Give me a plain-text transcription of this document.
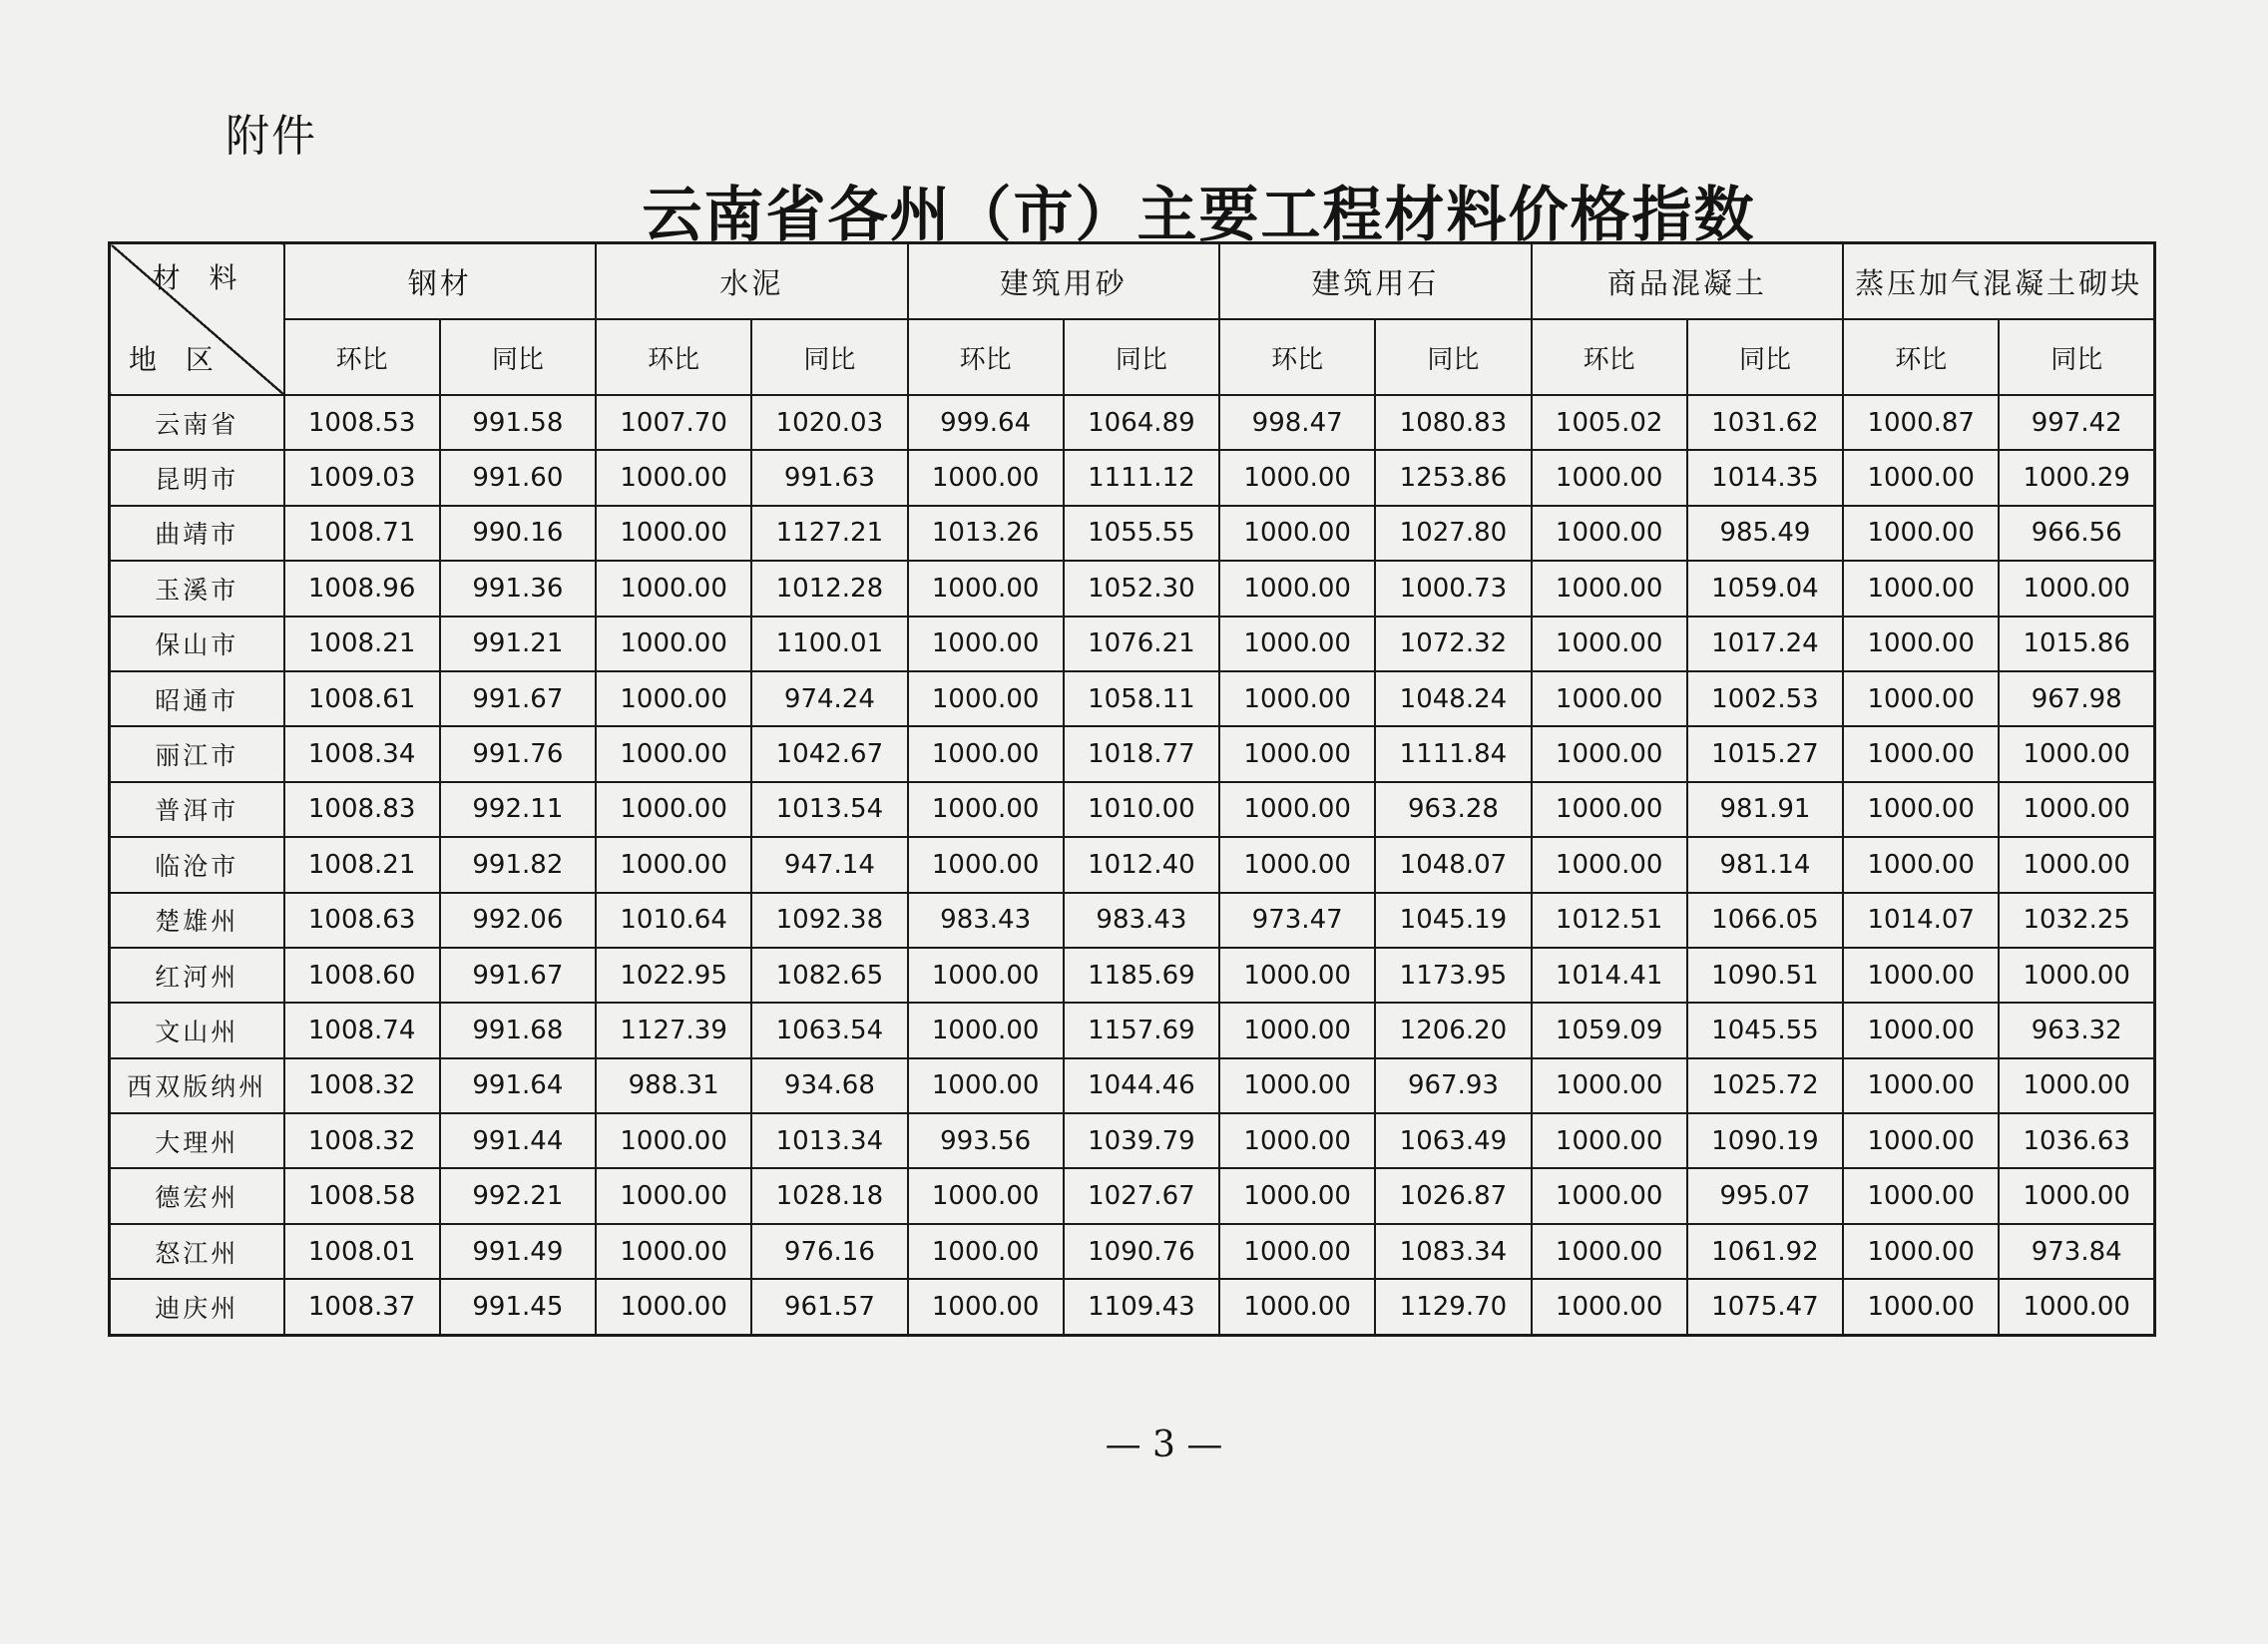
附件
云南省各州（市）主要工程材料价格指数
材 料
地 区	钢材		水泥		建筑用砂		建筑用石		商品混凝土		蒸压加气混凝土砌块	
	环比	同比	环比	同比	环比	同比	环比	同比	环比	同比	环比	同比
云南省	1008.53	991.58	1007.70	1020.03	999.64	1064.89	998.47	1080.83	1005.02	1031.62	1000.87	997.42
昆明市	1009.03	991.60	1000.00	991.63	1000.00	1111.12	1000.00	1253.86	1000.00	1014.35	1000.00	1000.29
曲靖市	1008.71	990.16	1000.00	1127.21	1013.26	1055.55	1000.00	1027.80	1000.00	985.49	1000.00	966.56
玉溪市	1008.96	991.36	1000.00	1012.28	1000.00	1052.30	1000.00	1000.73	1000.00	1059.04	1000.00	1000.00
保山市	1008.21	991.21	1000.00	1100.01	1000.00	1076.21	1000.00	1072.32	1000.00	1017.24	1000.00	1015.86
昭通市	1008.61	991.67	1000.00	974.24	1000.00	1058.11	1000.00	1048.24	1000.00	1002.53	1000.00	967.98
丽江市	1008.34	991.76	1000.00	1042.67	1000.00	1018.77	1000.00	1111.84	1000.00	1015.27	1000.00	1000.00
普洱市	1008.83	992.11	1000.00	1013.54	1000.00	1010.00	1000.00	963.28	1000.00	981.91	1000.00	1000.00
临沧市	1008.21	991.82	1000.00	947.14	1000.00	1012.40	1000.00	1048.07	1000.00	981.14	1000.00	1000.00
楚雄州	1008.63	992.06	1010.64	1092.38	983.43	983.43	973.47	1045.19	1012.51	1066.05	1014.07	1032.25
红河州	1008.60	991.67	1022.95	1082.65	1000.00	1185.69	1000.00	1173.95	1014.41	1090.51	1000.00	1000.00
文山州	1008.74	991.68	1127.39	1063.54	1000.00	1157.69	1000.00	1206.20	1059.09	1045.55	1000.00	963.32
西双版纳州	1008.32	991.64	988.31	934.68	1000.00	1044.46	1000.00	967.93	1000.00	1025.72	1000.00	1000.00
大理州	1008.32	991.44	1000.00	1013.34	993.56	1039.79	1000.00	1063.49	1000.00	1090.19	1000.00	1036.63
德宏州	1008.58	992.21	1000.00	1028.18	1000.00	1027.67	1000.00	1026.87	1000.00	995.07	1000.00	1000.00
怒江州	1008.01	991.49	1000.00	976.16	1000.00	1090.76	1000.00	1083.34	1000.00	1061.92	1000.00	973.84
迪庆州	1008.37	991.45	1000.00	961.57	1000.00	1109.43	1000.00	1129.70	1000.00	1075.47	1000.00	1000.00
— 3 —
